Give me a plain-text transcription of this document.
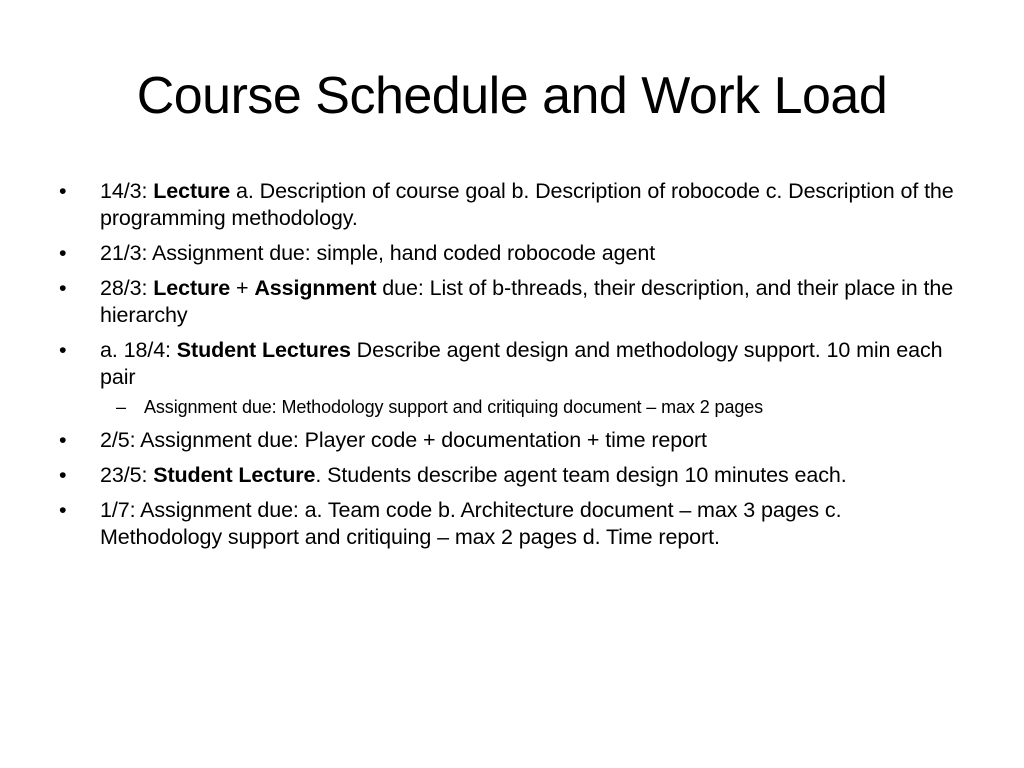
Course Schedule and Work Load
• 14/3: Lecture a. Description of course goal b. Description of robocode c. Description of the programming methodology.
• 21/3: Assignment due: simple, hand coded robocode agent
• 28/3: Lecture + Assignment due: List of b-threads, their description, and their place in the hierarchy
• a. 18/4: Student Lectures Describe agent design and methodology support. 10 min each pair
– Assignment due: Methodology support and critiquing document – max 2 pages
• 2/5: Assignment due: Player code + documentation + time report
• 23/5: Student Lecture. Students describe agent team design 10 minutes each.
• 1/7: Assignment due: a. Team code b. Architecture document – max 3 pages c. Methodology support and critiquing – max 2 pages d. Time report.
